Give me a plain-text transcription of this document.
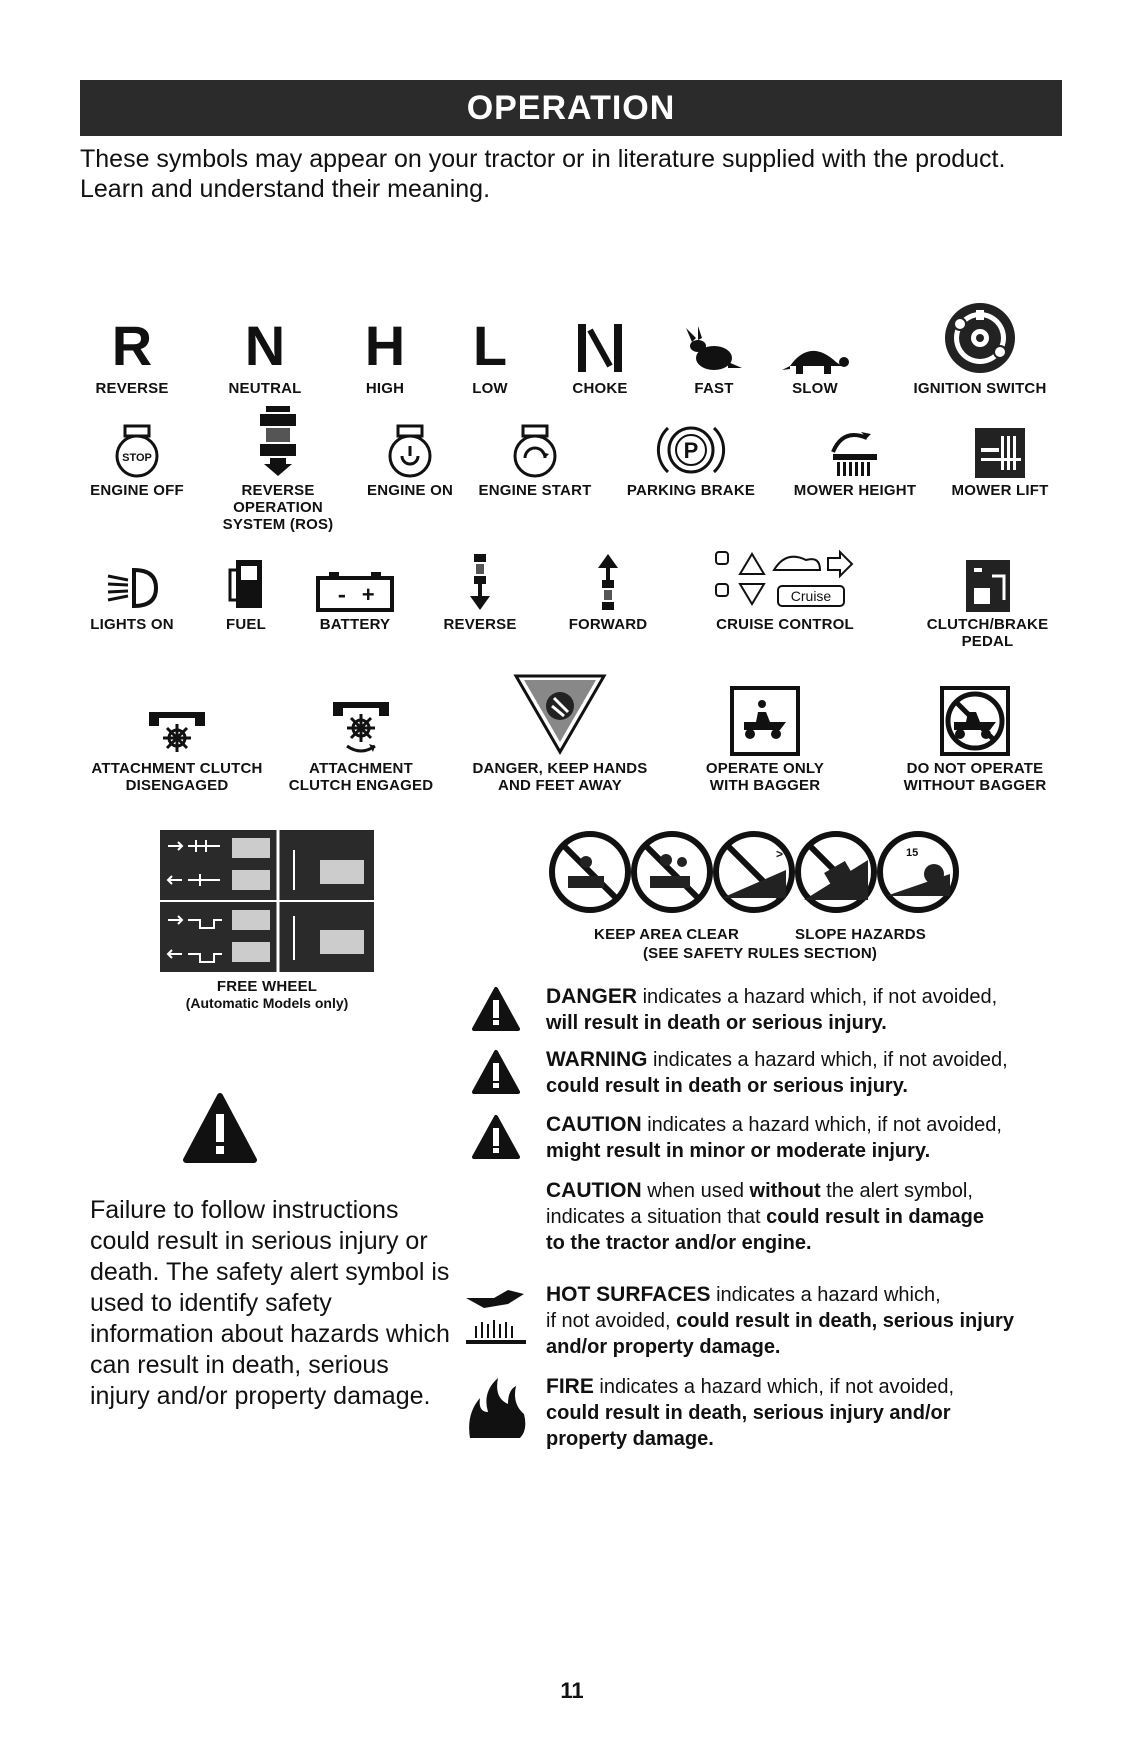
OPERATION
These symbols may appear on your tractor or in literature supplied with the product. Learn and understand their meaning.
R
REVERSE
N
NEUTRAL
H
HIGH
L
LOW	CHOKE	FAST	SLOW	IGNITION SWITCH
STOP
ENGINE OFF	REVERSE OPERATION SYSTEM (ROS)
ENGINE ON	ENGINE START
P
PARKING BRAKE	MOWER HEIGHT	MOWER LIFT
LIGHTS ON	FUEL
- +
BATTERY	REVERSE	FORWARD
Cruise
CRUISE CONTROL	CLUTCH/BRAKE PEDAL
ATTACHMENT CLUTCH DISENGAGED
ATTACHMENT CLUTCH ENGAGED
DANGER, KEEP HANDS AND FEET AWAY
OPERATE ONLY WITH BAGGER
DO NOT OPERATE WITHOUT BAGGER
FREE WHEEL
(Automatic Models only)
>	15
KEEP AREA CLEAR	SLOPE HAZARDS
(SEE SAFETY RULES SECTION)
Failure to follow instructions could result in serious injury or death. The safety alert symbol is used to identify safety information about hazards which can result in death, serious injury and/or property damage.
DANGER indicates a hazard which, if not avoided,
will result in death or serious injury.
WARNING indicates a hazard which, if not avoided,
could result in death or serious injury.
CAUTION indicates a hazard which, if not avoided,
might result in minor or moderate injury.
CAUTION when used without the alert symbol,
indicates a situation that could result in damage
to the tractor and/or engine.
HOT SURFACES indicates a hazard which,
if not avoided, could result in death, serious injury
and/or property damage.
FIRE indicates a hazard which, if not avoided,
could result in death, serious injury and/or
property damage.
11
